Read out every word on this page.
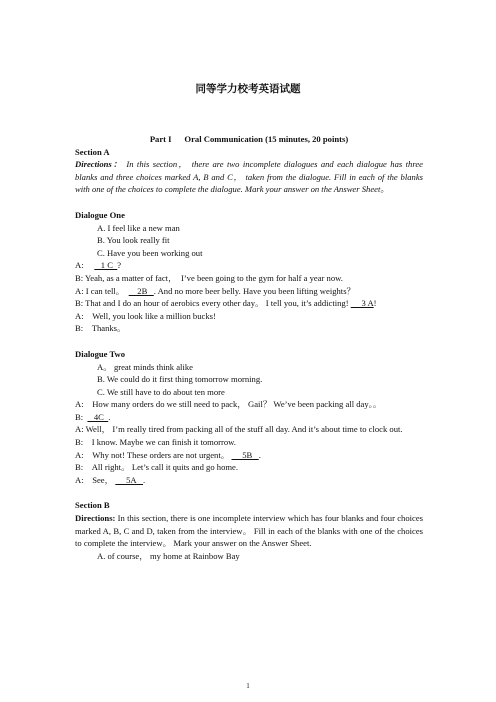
同等学力校考英语试题
Part I      Oral Communication (15 minutes, 20 points)
Section A
Directions： In this section， there are two incomplete dialogues and each dialogue has three blanks and three choices marked A, B and C， taken from the dialogue. Fill in each of the blanks with one of the choices to complete the dialogue. Mark your answer on the Answer Sheet。
Dialogue One
A. I feel like a new man
B. You look really fit
C. Have you been working out
A:        1 C  ?
B: Yeah, as a matter of fact，  I’ve been going to the gym for half a year now.
A: I can tell。      2B   . And no more beer belly. Have you been lifting weights？
B: That and I do an hour of aerobics every other day。 I tell you, it’s addicting!      3 A!
A:    Well, you look like a million bucks!
B:    Thanks。
Dialogue Two
A。 great minds think alike
B. We could do it first thing tomorrow morning.
C. We still have to do about ten more
A:    How many orders do we still need to pack， Gail？ We’ve been packing all day。。
B:     4C  .
A: Well， I’m really tired from packing all of the stuff all day. And it’s about time to clock out.
B:    I know. Maybe we can finish it tomorrow.
A:    Why not! These orders are not urgent。      5B   .
B:    All right。 Let’s call it quits and go home.
A:    See，      5A   .
Section B
Directions: In this section, there is one incomplete interview which has four blanks and four choices marked A, B, C and D, taken from the interview。 Fill in each of the blanks with one of the choices to complete the interview。 Mark your answer on the Answer Sheet.
A. of course， my home at Rainbow Bay
1
